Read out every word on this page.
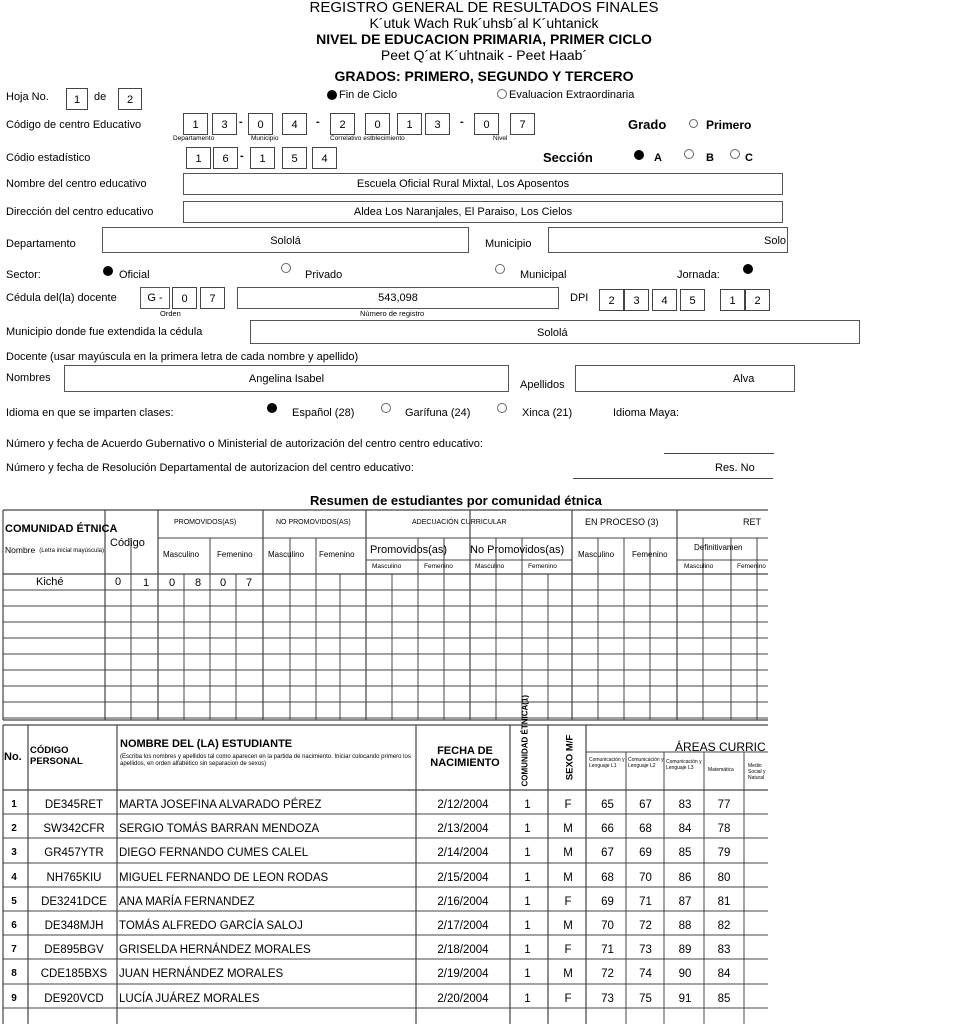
REGISTRO GENERAL DE RESULTADOS FINALES
K´utuk Wach Ruk´uhsb´al K´uhtanick
NIVEL DE EDUCACION PRIMARIA, PRIMER CICLO
Peet Q´at K´uhtnaik - Peet Haab´
GRADOS: PRIMERO, SEGUNDO Y TERCERO
Hoja No.	1	de	2	Fin de Ciclo	Evaluacion Extraordinaria
Código de centro Educativo	1	3	-	0	4	-	2	0	1	3	-	0	7
Departamento	Municipio	Correlativo estblecimiento	Nivel
Grado	Primero
Códio estadístico	1	6	-	1	5	4	Sección	A	B	C
Nombre del centro educativo	Escuela Oficial Rural Mixtal, Los Aposentos
Dirección del centro educativo	Aldea Los Naranjales, El Paraiso, Los Cielos
Departamento	Sololá	Municipio	Solo
Sector:	Oficial	Privado	Municipal	Jornada:
Cédula del(la) docente	G -	0	7
Orden
543,098
Número de registro
DPI	2	3	4	5	1	2
Municipio donde fue extendida la cédula	Sololá
Docente (usar mayúscula en la primera letra de cada nombre y apellido)
Nombres	Angelina Isabel	Apellidos	Alva
Idioma en que se imparten clases:	Español (28)	Garífuna (24)	Xinca (21)	Idioma Maya:
Número y fecha de Acuerdo Gubernativo o Ministerial de autorización del centro centro educativo:
Número y fecha de Resolución Departamental de autorizacion del centro educativo:	Res. No
Resumen de estudiantes por comunidad étnica
COMUNIDAD ÉTNICA
Nombre (Letra inicial mayúscula)
Código
PROMOVIDOS(AS)	NO PROMOVIDOS(AS)	ADECUACIÓN CURRICULAR
Promovidos(as) No Promovidos(as)
EN PROCESO (3)	RET
Definitivamen
Masculino Femenino Masculino Femenino
Masculino	Femenino	Masculino	Femenino
Masculino Femenino
Masculino	Femenino
Kiché	0 1 0 8 0 7
No.
CÓDIGO PERSONAL
NOMBRE DEL (LA) ESTUDIANTE
(Escriba los nombres y apellidos tal como aparecen en la partida de nacimiento. Iniciar colocando primero los apellidos, en orden alfabético sin separacion de sexos)
FECHA DE NACIMIENTO	COMUNIDAD ÉTNICA(1)	SEXO M/F	ÁREAS CURRIC
Comunicación y Lenguaje L1
Comunicación y Lenguaje L2
Comunicación y Lenguaje L3	Matemática
Medio Social y Natural
1	DE345RET	MARTA JOSEFINA ALVARADO PÉREZ	2/12/2004	1	F	65	67	83	77
2	SW342CFR	SERGIO TOMÁS BARRAN MENDOZA	2/13/2004	1	M	66	68	84	78
3	GR457YTR	DIEGO FERNANDO CUMES CALEL	2/14/2004	1	M	67	69	85	79
4	NH765KIU	MIGUEL FERNANDO DE LEON RODAS	2/15/2004	1	M	68	70	86	80
5	DE3241DCE	ANA MARÍA FERNANDEZ	2/16/2004	1	F	69	71	87	81
6	DE348MJH	TOMÁS ALFREDO GARCÍA SALOJ	2/17/2004	1	M	70	72	88	82
7	DE895BGV	GRISELDA HERNÁNDEZ MORALES	2/18/2004	1	F	71	73	89	83
8	CDE185BXS	JUAN HERNÁNDEZ MORALES	2/19/2004	1	M	72	74	90	84
9	DE920VCD	LUCÍA JUÁREZ MORALES	2/20/2004	1	F	73	75	91	85
